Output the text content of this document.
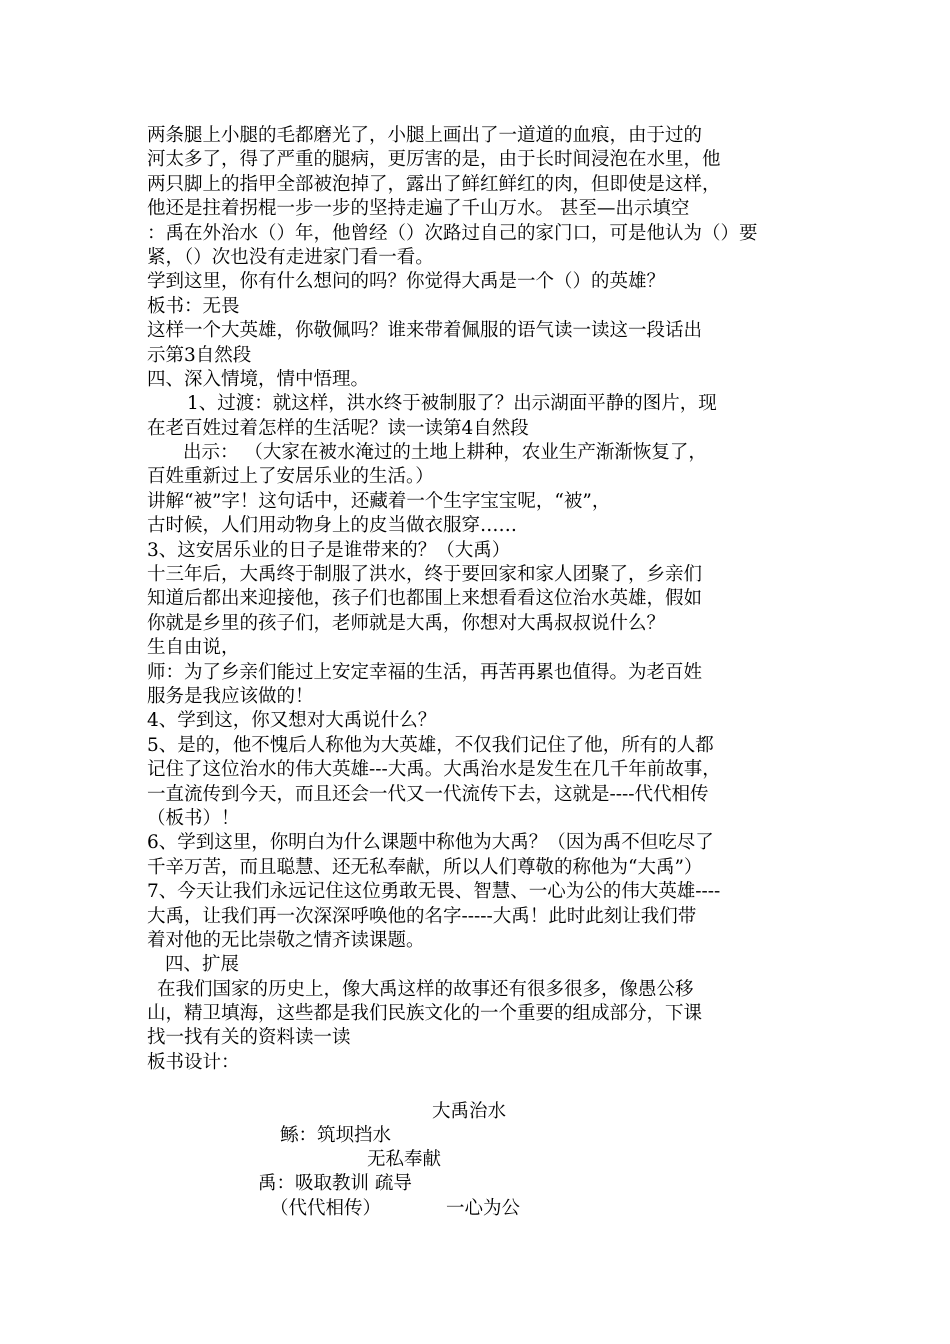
两条腿上小腿的毛都磨光了，小腿上画出了一道道的血痕，由于过的
河太多了，得了严重的腿病，更厉害的是，由于长时间浸泡在水里，他
两只脚上的指甲全部被泡掉了，露出了鲜红鲜红的肉，但即使是这样，
他还是拄着拐棍一步一步的坚持走遍了千山万水。 甚至—出示填空
：禹在外治水（）年，他曾经（）次路过自己的家门口，可是他认为（）要
紧，（）次也没有走进家门看一看。
学到这里，你有什么想问的吗？你觉得大禹是一个（）的英雄？
板书：无畏
这样一个大英雄，你敬佩吗？谁来带着佩服的语气读一读这一段话出
示第3自然段
四、深入情境，情中悟理。
1、过渡：就这样，洪水终于被制服了？出示湖面平静的图片，现
在老百姓过着怎样的生活呢？读一读第4自然段
出示： （大家在被水淹过的土地上耕种，农业生产渐渐恢复了，
百姓重新过上了安居乐业的生活。）
讲解“被”字！这句话中，还藏着一个生字宝宝呢，“被”，
古时候，人们用动物身上的皮当做衣服穿……
3、这安居乐业的日子是谁带来的？（大禹）
十三年后，大禹终于制服了洪水，终于要回家和家人团聚了，乡亲们
知道后都出来迎接他，孩子们也都围上来想看看这位治水英雄，假如
你就是乡里的孩子们，老师就是大禹，你想对大禹叔叔说什么？
生自由说，
师：为了乡亲们能过上安定幸福的生活，再苦再累也值得。为老百姓
服务是我应该做的！
4、学到这，你又想对大禹说什么？
5、是的，他不愧后人称他为大英雄，不仅我们记住了他，所有的人都
记住了这位治水的伟大英雄---大禹。大禹治水是发生在几千年前故事，
一直流传到今天，而且还会一代又一代流传下去，这就是----代代相传
（板书）！
6、学到这里，你明白为什么课题中称他为大禹？（因为禹不但吃尽了
千辛万苦，而且聪慧、还无私奉献，所以人们尊敬的称他为“大禹”）
7、今天让我们永远记住这位勇敢无畏、智慧、一心为公的伟大英雄----
大禹，让我们再一次深深呼唤他的名字-----大禹！此时此刻让我们带
着对他的无比崇敬之情齐读课题。
四、扩展
在我们国家的历史上，像大禹这样的故事还有很多很多，像愚公移
山，精卫填海，这些都是我们民族文化的一个重要的组成部分，下课
找一找有关的资料读一读
板书设计：
大禹治水
鲧：筑坝挡水
无私奉献
禹：吸取教训 疏导
（代代相传）	一心为公
